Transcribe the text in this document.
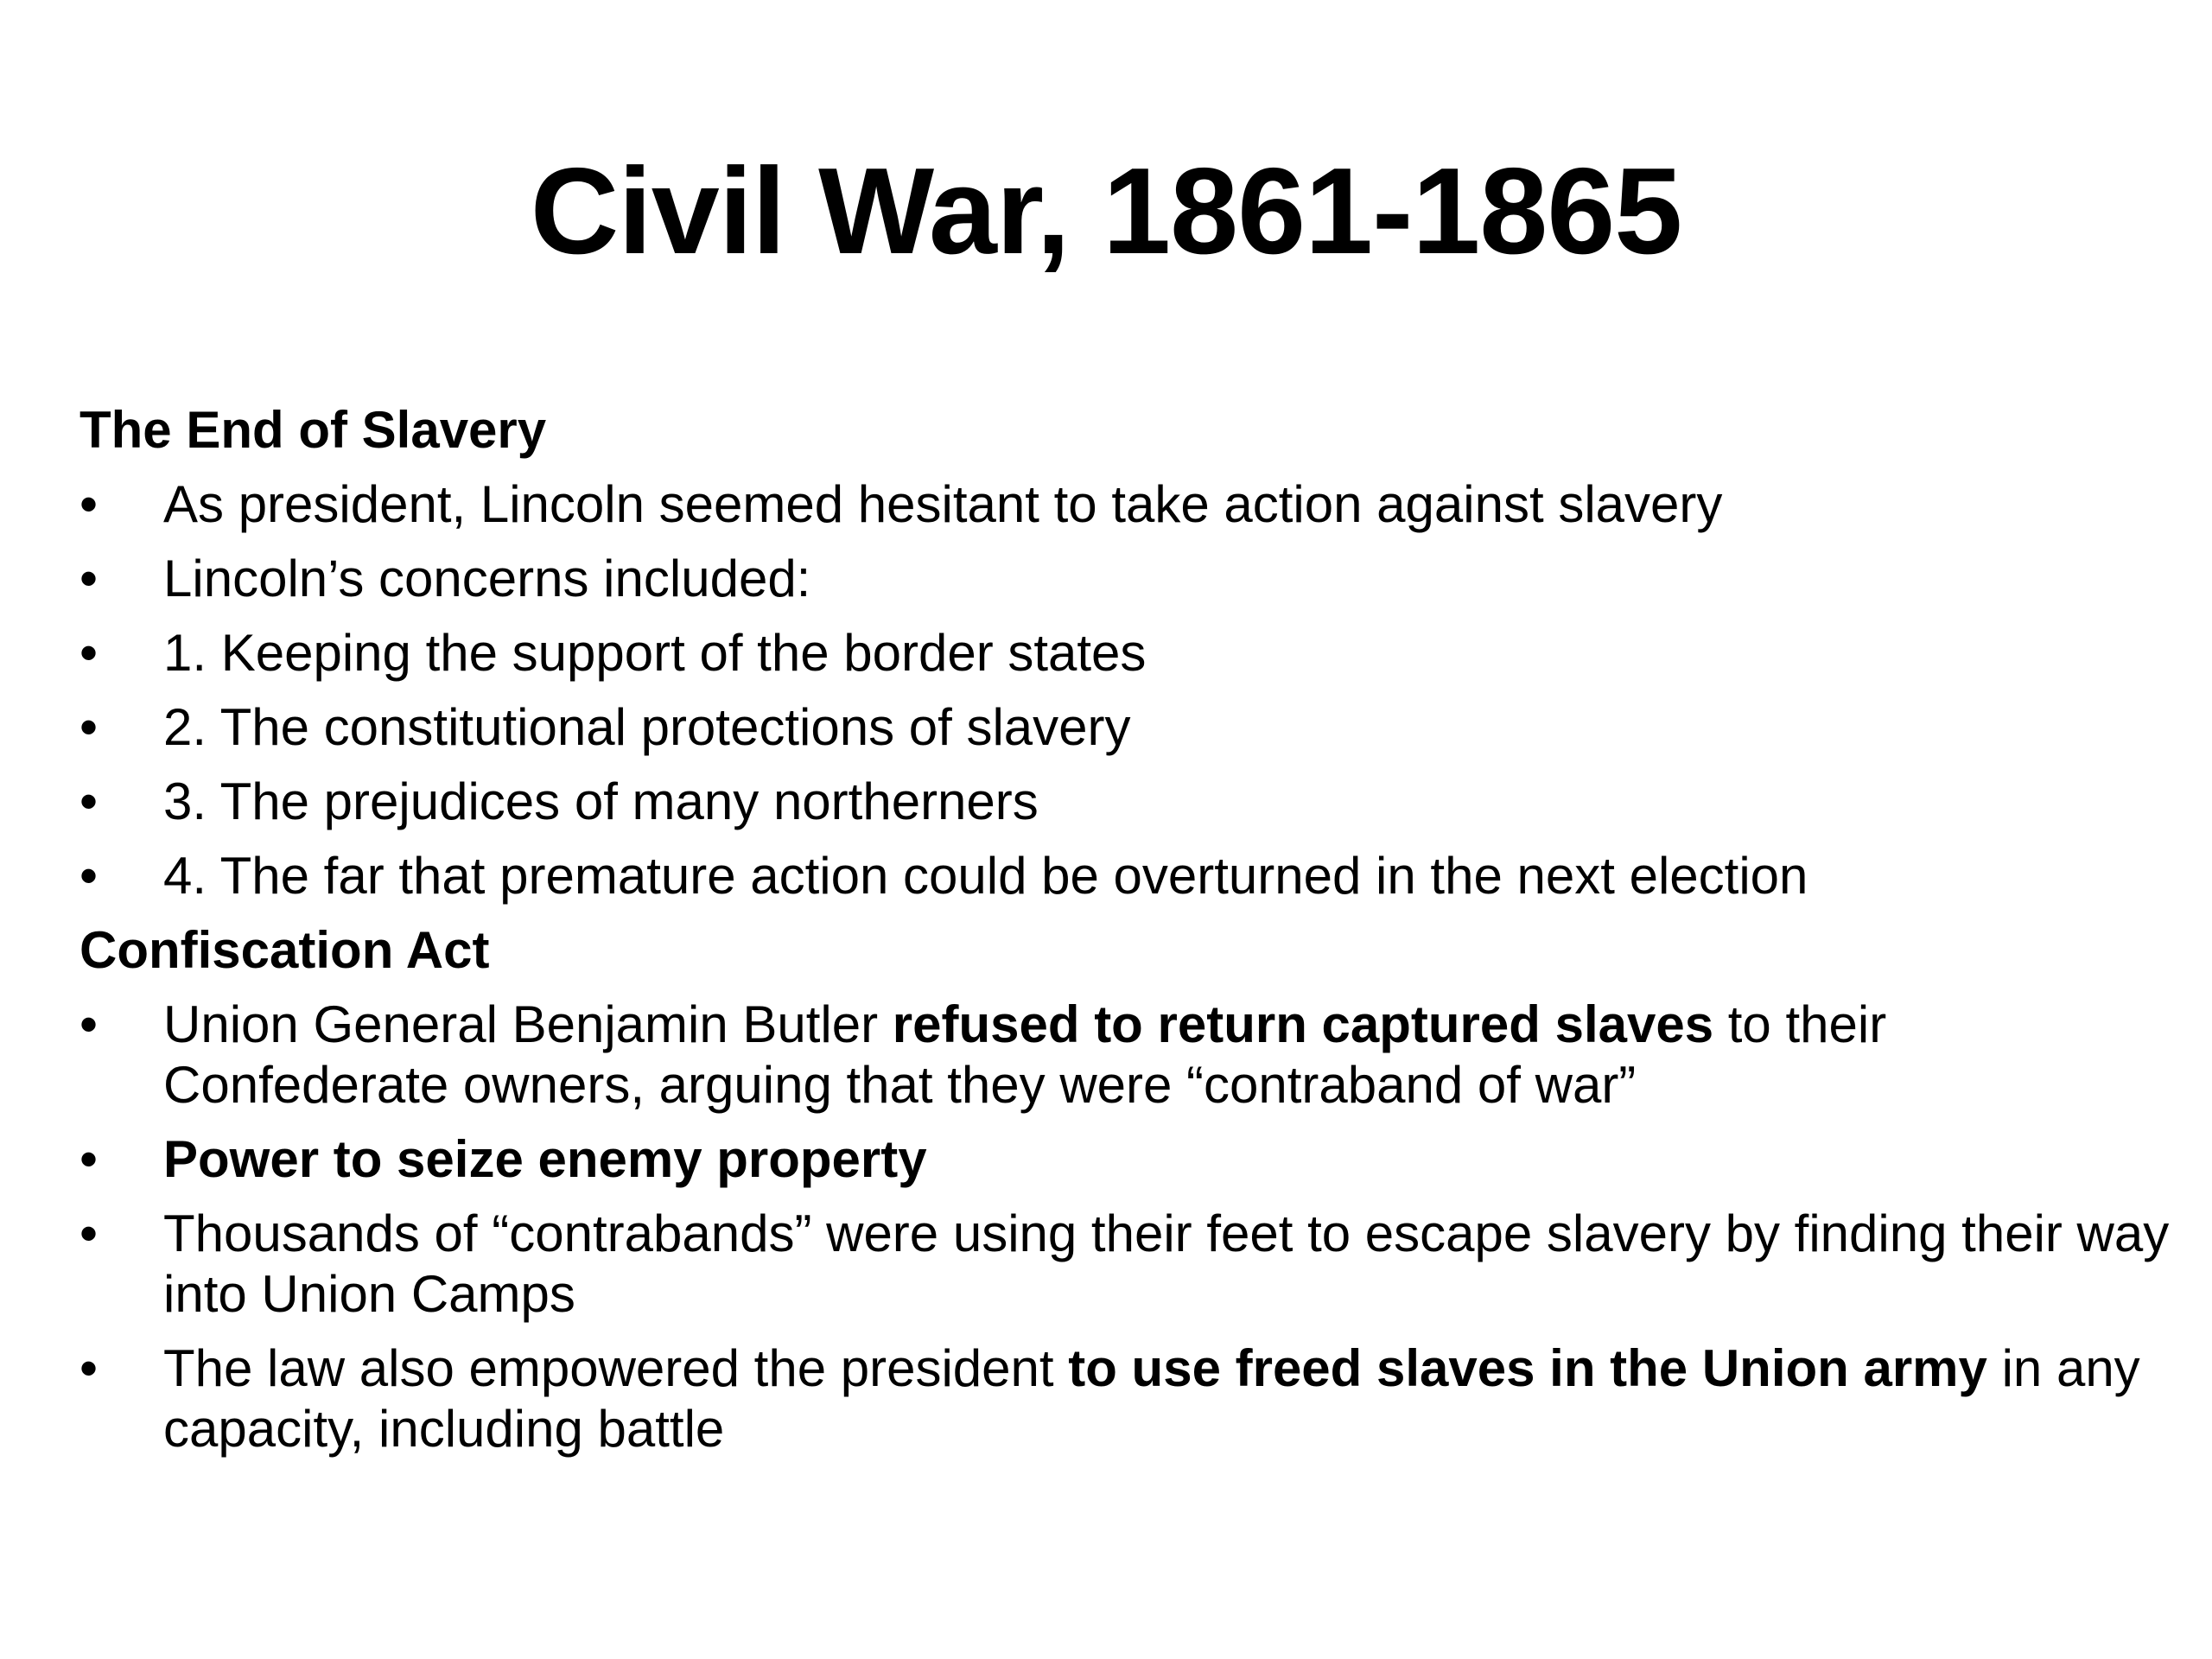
Civil War, 1861-1865
The End of Slavery
•	As president, Lincoln seemed hesitant to take action against slavery
•	Lincoln’s concerns included:
•	1. Keeping the support of the border states
•	2. The constitutional protections of slavery
•	3. The prejudices of many northerners
•	4. The far that premature action could be overturned in the next election
Confiscation Act
•	Union General Benjamin Butler refused to return captured slaves to their Confederate owners, arguing that they were “contraband of war”
•	Power to seize enemy property
•	Thousands of “contrabands” were using their feet to escape slavery by finding their way into Union Camps
•	The law also empowered the president to use freed slaves in the Union army in any capacity, including battle
